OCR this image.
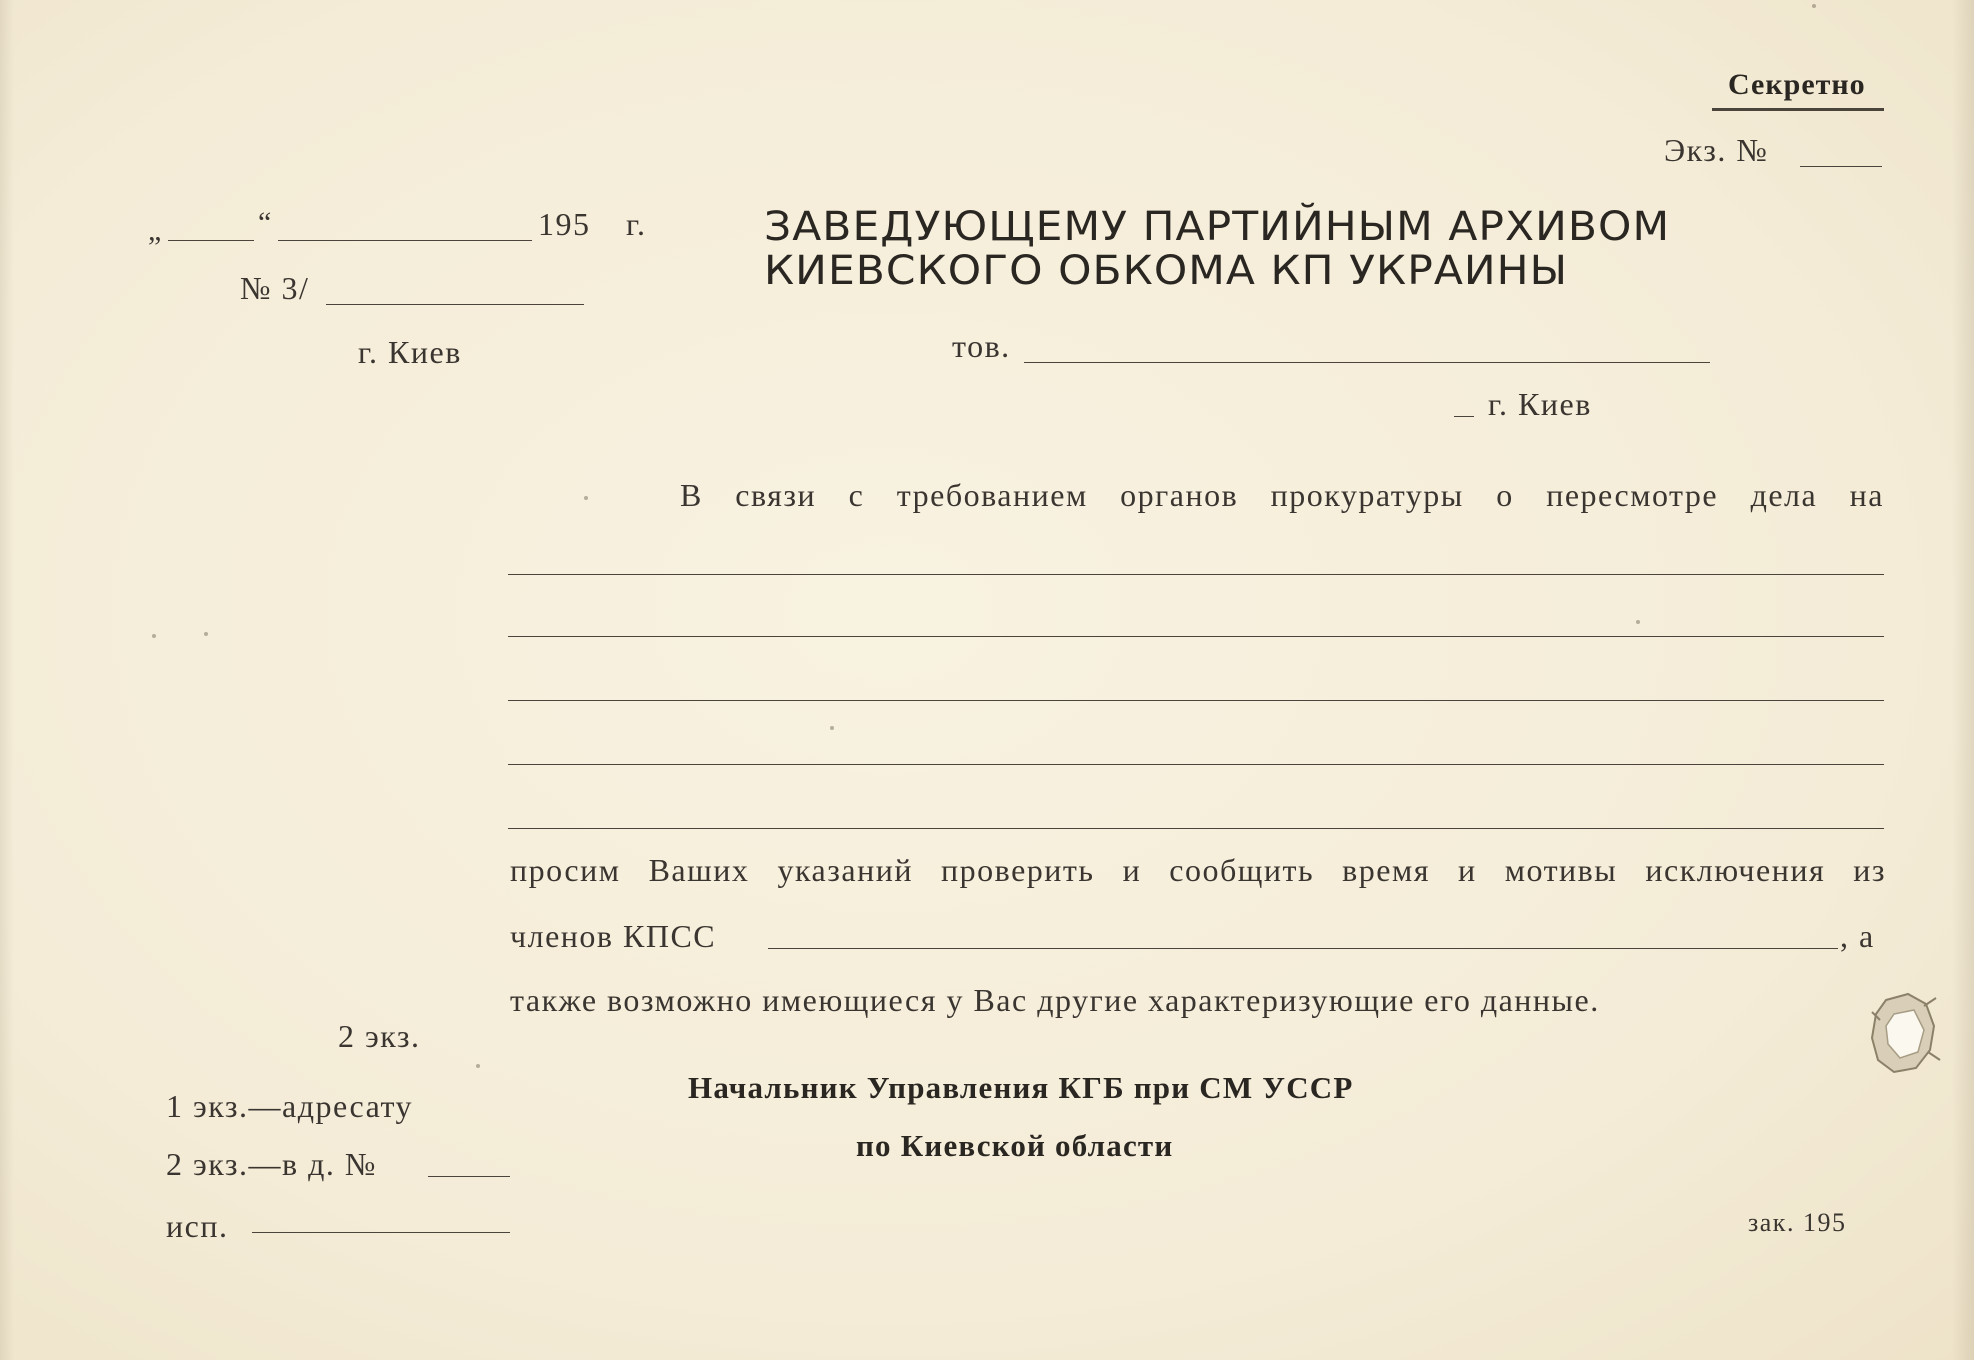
Секретно
Экз. №
„	“	195 г.
№ 3/
г. Киев
ЗАВЕДУЮЩЕМУ ПАРТИЙНЫМ АРХИВОМ
КИЕВСКОГО ОБКОМА КП УКРАИНЫ
тов.
г. Киев
В связи с требованием органов прокуратуры о пересмотре дела на
просим Ваших указаний проверить и сообщить время и мотивы исключения из
членов КПСС	, а
также возможно имеющиеся у Вас другие характеризующие его данные.
2 экз.
1 экз.—адресату
2 экз.—в д. №
исп.
Начальник Управления КГБ при СМ УССР
по Киевской области
зак. 195
